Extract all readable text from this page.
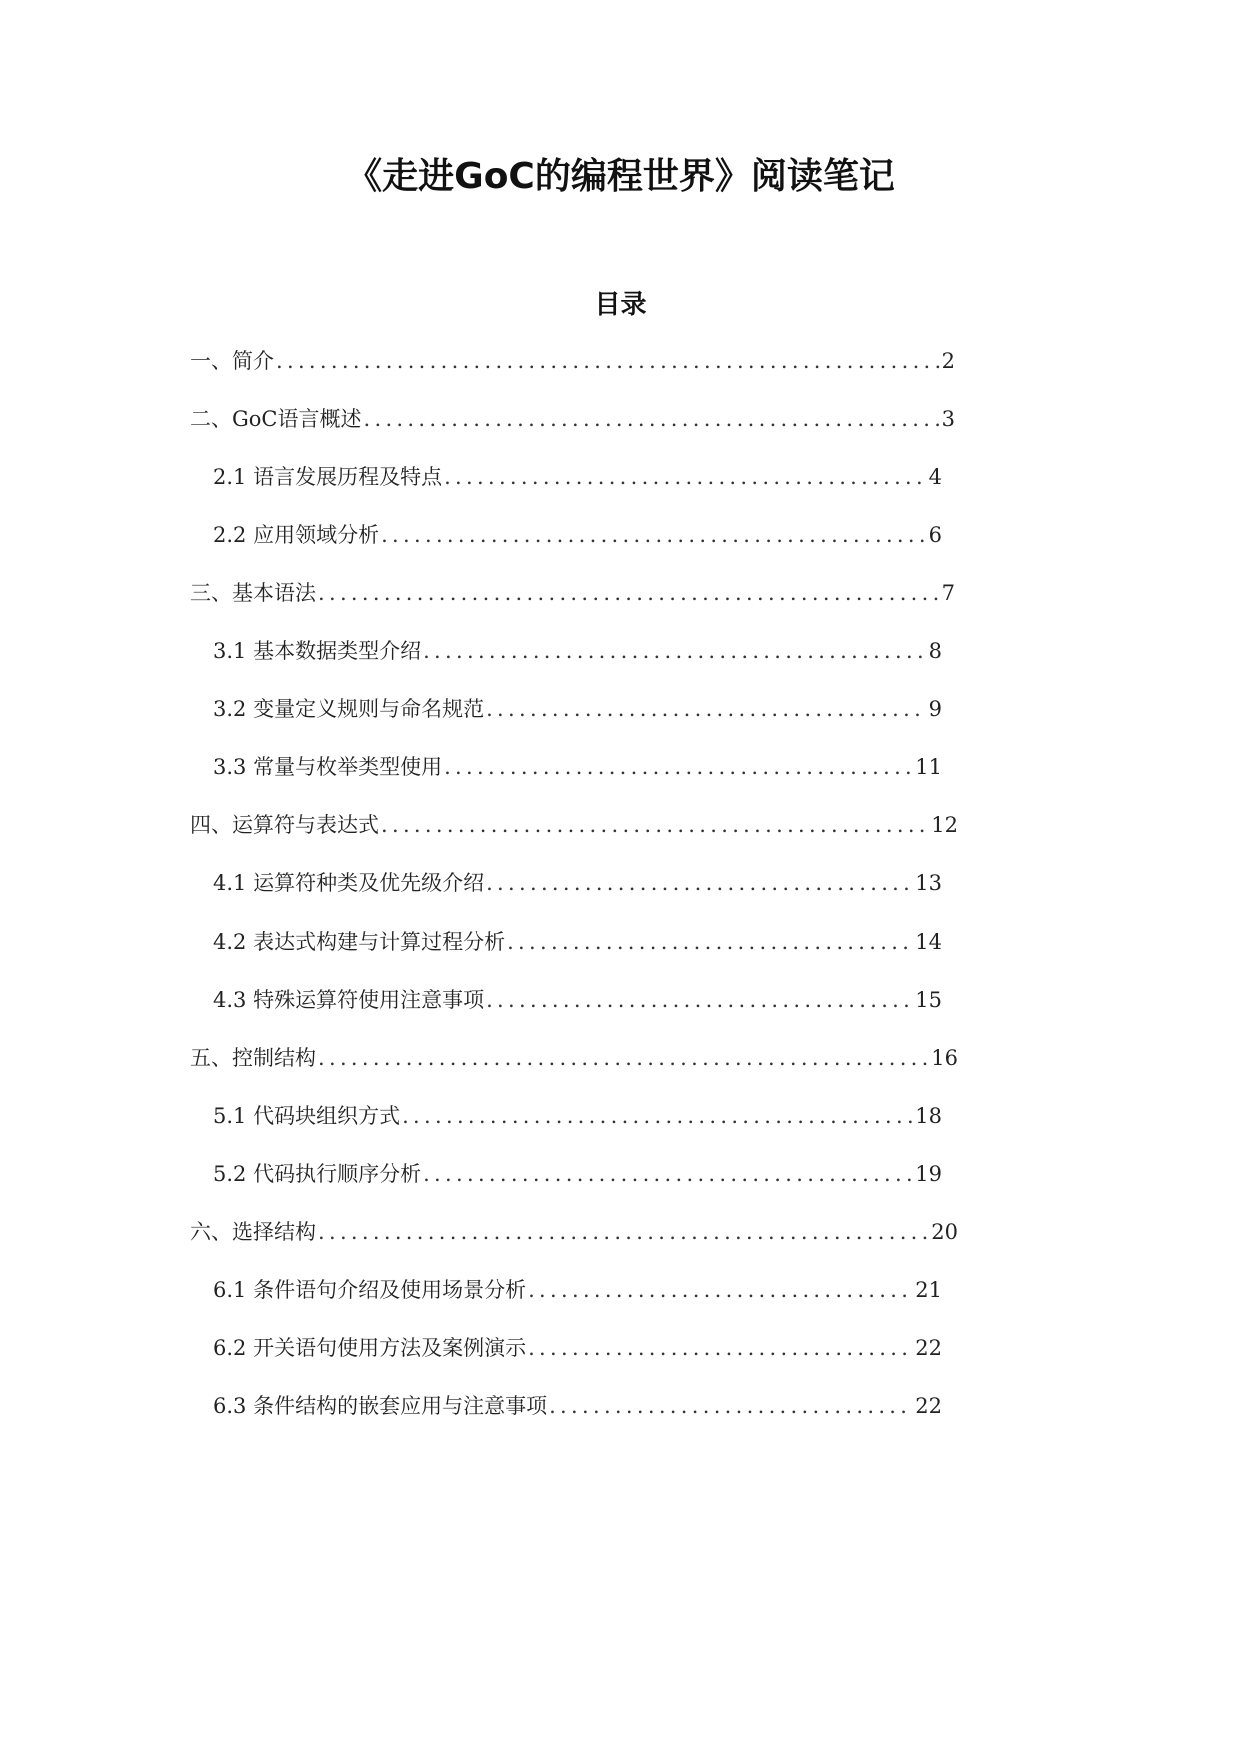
《走进GoC的编程世界》阅读笔记
目录
一、简介 .....	2
二、GoC语言概述 .....	3
2.1 语言发展历程及特点 .....	4
2.2 应用领域分析 .....	6
三、基本语法 .....	7
3.1 基本数据类型介绍 .....	8
3.2 变量定义规则与命名规范 .....	9
3.3 常量与枚举类型使用 .....	11
四、运算符与表达式 .....	12
4.1 运算符种类及优先级介绍 .....	13
4.2 表达式构建与计算过程分析 .....	14
4.3 特殊运算符使用注意事项 .....	15
五、控制结构 .....	16
5.1 代码块组织方式 .....	18
5.2 代码执行顺序分析 .....	19
六、选择结构 .....	20
6.1 条件语句介绍及使用场景分析 .....	21
6.2 开关语句使用方法及案例演示 .....	22
6.3 条件结构的嵌套应用与注意事项 .....	22
